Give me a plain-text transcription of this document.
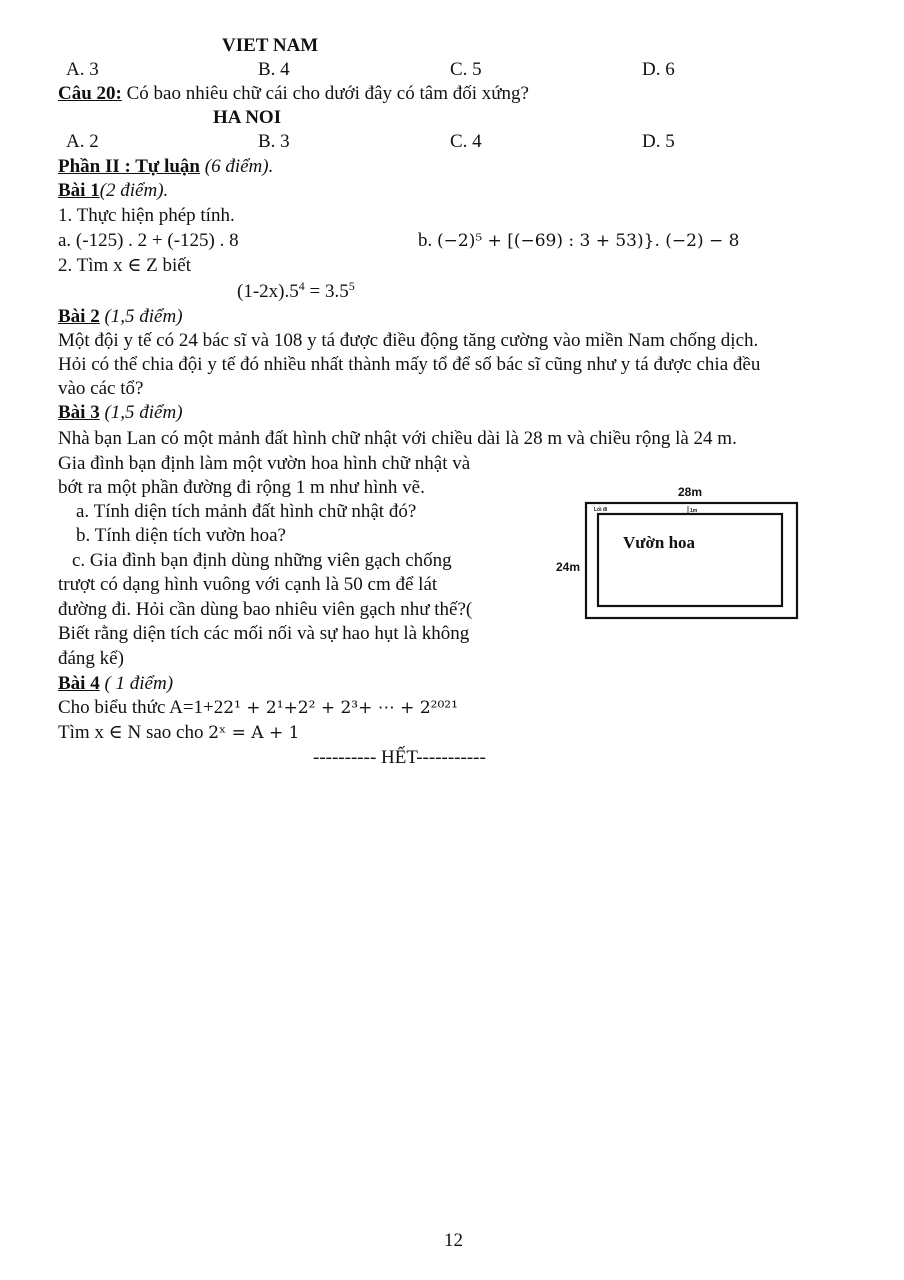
VIET NAM
A. 3	B. 4	C. 5	D. 6
Câu 20: Có bao nhiêu chữ cái cho dưới đây có tâm đối xứng?
HA NOI
A. 2	B. 3	C. 4	D. 5
Phần II : Tự luận (6 điểm).
Bài 1(2 điểm).
1. Thực hiện phép tính.
a. (-125) . 2 + (-125) . 8	b. (−2)⁵ + [(−69) : 3 + 53)}. (−2) − 8
2. Tìm x ∈ Z biết
$(1-2x).5^4 = 3.5^5$
Bài 2 (1,5 điểm)
Một đội y tế có 24 bác sĩ và 108 y tá được điều động tăng cường vào miền Nam chống dịch.
Hỏi có thể chia đội y tế đó nhiều nhất thành mấy tổ để số bác sĩ cũng như y tá được chia đều
vào các tổ?
Bài 3 (1,5 điểm)
Nhà bạn Lan có một mảnh đất hình chữ nhật với chiều dài là 28 m và chiều rộng là 24 m.
Gia đình bạn định làm một vườn hoa hình chữ nhật và
bớt ra một phần đường đi rộng 1 m như hình vẽ.
a. Tính diện tích mảnh đất hình chữ nhật đó?
b. Tính diện tích vườn hoa?
c. Gia đình bạn định dùng những viên gạch chống
trượt có dạng hình vuông với cạnh là 50 cm để lát
đường đi. Hỏi cần dùng bao nhiêu viên gạch như thế?(
Biết rằng diện tích các mối nối và sự hao hụt là không
đáng kể)
28m
Lối đi	1m
24m
Vườn hoa
Bài 4 ( 1 điểm)
Cho biểu thức A=1+22¹ + 2¹+2² + 2³+ ⋯ + 2²⁰²¹
Tìm x ∈ N sao cho 2ˣ = A + 1
---------- HẾT-----------
12
